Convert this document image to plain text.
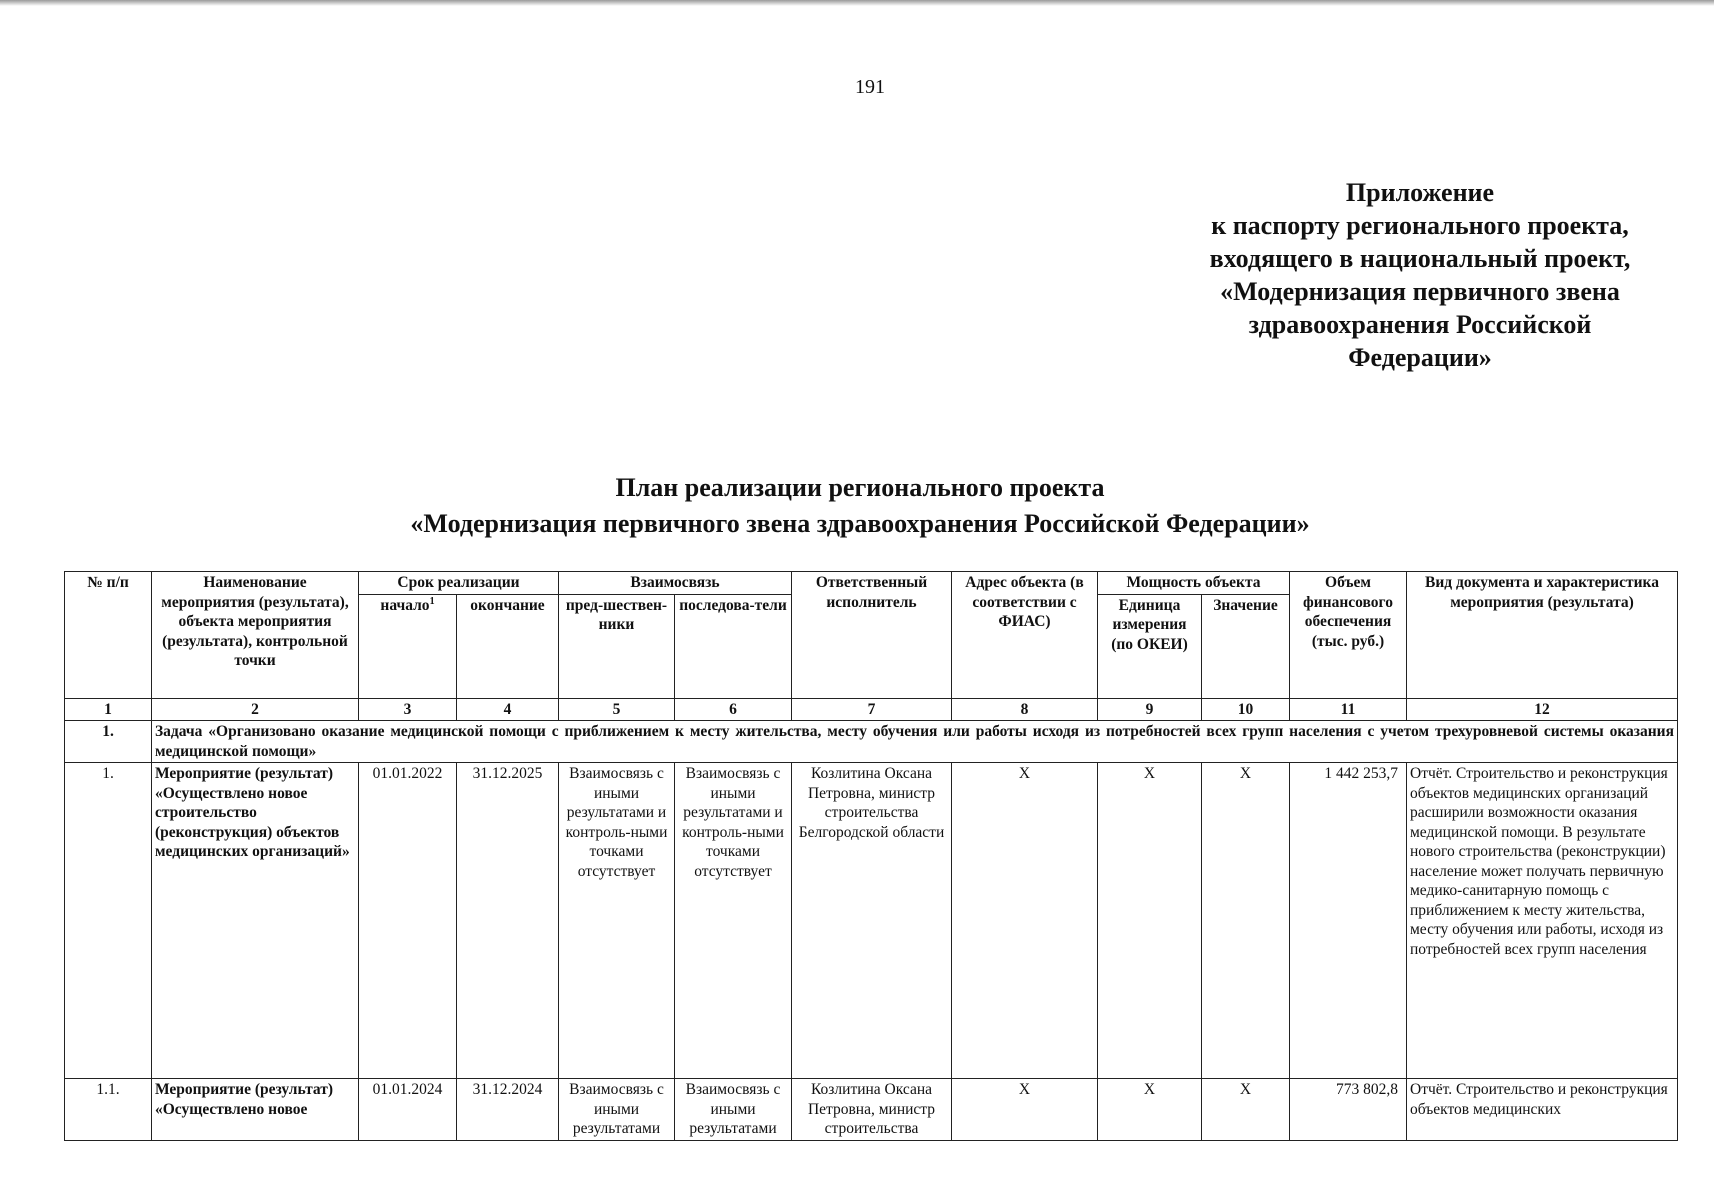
191
Приложение
к паспорту регионального проекта,
входящего в национальный проект,
«Модернизация первичного звена
здравоохранения Российской
Федерации»
План реализации регионального проекта
«Модернизация первичного звена здравоохранения Российской Федерации»
№ п/п	Наименование мероприятия (результата), объекта мероприятия (результата), контрольной точки	Срок реализации		Взаимосвязь		Ответственный исполнитель	Адрес объекта (в соответствии с ФИАС)	Мощность объекта		Объем финансового обеспечения (тыс. руб.)	Вид документа и характеристика мероприятия (результата)
		начало$^1$	окончание	пред-шествен-ники	последова-тели			Единица измерения (по ОКЕИ)	Значение		
1	2	3	4	5	6	7	8	9	10	11	12
1.	Задача «Организовано оказание медицинской помощи с приближением к месту жительства, месту обучения или работы исходя из потребностей всех групп населения с учетом трехуровневой системы оказания медицинской помощи»										
1.	Мероприятие (результат) «Осуществлено новое строительство (реконструкция) объектов медицинских организаций»	01.01.2022	31.12.2025	Взаимосвязь с иными результатами и контроль-ными точками отсутствует	Взаимосвязь с иными результатами и контроль-ными точками отсутствует	Козлитина Оксана Петровна, министр строительства Белгородской области	Х	Х	Х	1 442 253,7	Отчёт. Строительство и реконструкция объектов медицинских организаций расширили возможности оказания медицинской помощи. В результате нового строительства (реконструкции) население может получать первичную медико-санитарную помощь с приближением к месту жительства, месту обучения или работы, исходя из потребностей всех групп населения
1.1.	Мероприятие (результат) «Осуществлено новое	01.01.2024	31.12.2024	Взаимосвязь с иными результатами	Взаимосвязь с иными результатами	Козлитина Оксана Петровна, министр строительства	Х	Х	Х	773 802,8	Отчёт. Строительство и реконструкция объектов медицинских
